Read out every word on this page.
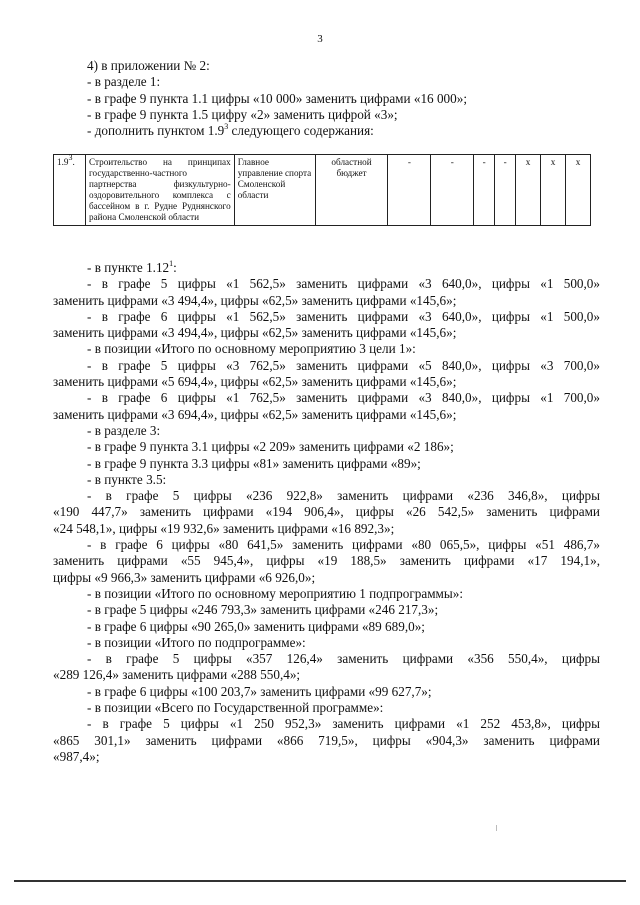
3
4) в приложении № 2:
- в разделе 1:
- в графе 9 пункта 1.1 цифры «10 000» заменить цифрами «16 000»;
- в графе 9 пункта 1.5 цифру «2» заменить цифрой «3»;
- дополнить пунктом $1.9^3$ следующего содержания:
$1.9^3$.	Строительство на принципах государственно-частного партнерства физкультурно-оздоровительного комплекса с бассейном в г. Рудне Руднянского района Смоленской области	Главное управление спорта Смоленской области	областной бюджет	-	-	-	-	х	х	х
- в пункте 1.12$^1$:
- в графе 5 цифры «1 562,5» заменить цифрами «3 640,0», цифры «1 500,0»
заменить цифрами «3 494,4», цифры «62,5» заменить цифрами «145,6»;
- в графе 6 цифры «1 562,5» заменить цифрами «3 640,0», цифры «1 500,0»
заменить цифрами «3 494,4», цифры «62,5» заменить цифрами «145,6»;
- в позиции «Итого по основному мероприятию 3 цели 1»:
- в графе 5 цифры «3 762,5» заменить цифрами «5 840,0», цифры «3 700,0»
заменить цифрами «5 694,4», цифры «62,5» заменить цифрами «145,6»;
- в графе 6 цифры «1 762,5» заменить цифрами «3 840,0», цифры «1 700,0»
заменить цифрами «3 694,4», цифры «62,5» заменить цифрами «145,6»;
- в разделе 3:
- в графе 9 пункта 3.1 цифры «2 209» заменить цифрами «2 186»;
- в графе 9 пункта 3.3 цифры «81» заменить цифрами «89»;
- в пункте 3.5:
- в графе 5 цифры «236 922,8» заменить цифрами «236 346,8», цифры
«190 447,7» заменить цифрами «194 906,4», цифры «26 542,5» заменить цифрами
«24 548,1», цифры «19 932,6» заменить цифрами «16 892,3»;
- в графе 6 цифры «80 641,5» заменить цифрами «80 065,5», цифры «51 486,7»
заменить цифрами «55 945,4», цифры «19 188,5» заменить цифрами «17 194,1»,
цифры «9 966,3» заменить цифрами «6 926,0»;
- в позиции «Итого по основному мероприятию 1 подпрограммы»:
- в графе 5 цифры «246 793,3» заменить цифрами «246 217,3»;
- в графе 6 цифры «90 265,0» заменить цифрами «89 689,0»;
- в позиции «Итого по подпрограмме»:
- в графе 5 цифры «357 126,4» заменить цифрами «356 550,4», цифры
«289 126,4» заменить цифрами «288 550,4»;
- в графе 6 цифры «100 203,7» заменить цифрами «99 627,7»;
- в позиции «Всего по Государственной программе»:
- в графе 5 цифры «1 250 952,3» заменить цифрами «1 252 453,8», цифры
«865 301,1» заменить цифрами «866 719,5», цифры «904,3» заменить цифрами
«987,4»;
